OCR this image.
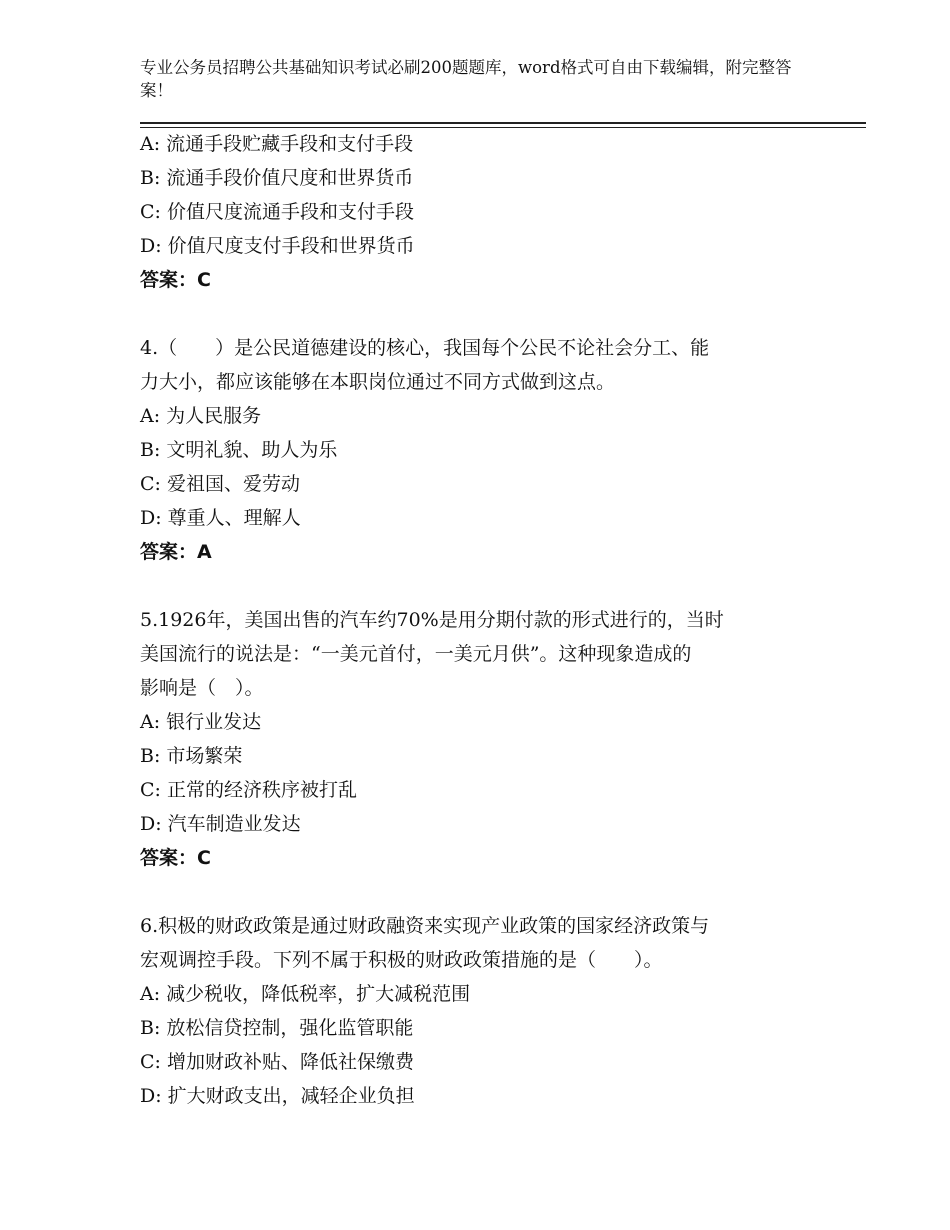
专业公务员招聘公共基础知识考试必刷200题题库，word格式可自由下载编辑，附完整答案！
A: 流通手段贮藏手段和支付手段
B: 流通手段价值尺度和世界货币
C: 价值尺度流通手段和支付手段
D: 价值尺度支付手段和世界货币
答案：C
4.（　　）是公民道德建设的核心，我国每个公民不论社会分工、能
力大小，都应该能够在本职岗位通过不同方式做到这点。
A: 为人民服务
B: 文明礼貌、助人为乐
C: 爱祖国、爱劳动
D: 尊重人、理解人
答案：A
5.1926年，美国出售的汽车约70%是用分期付款的形式进行的，当时
美国流行的说法是：“一美元首付，一美元月供”。这种现象造成的
影响是（　）。
A: 银行业发达
B: 市场繁荣
C: 正常的经济秩序被打乱
D: 汽车制造业发达
答案：C
6.积极的财政政策是通过财政融资来实现产业政策的国家经济政策与
宏观调控手段。下列不属于积极的财政政策措施的是（　　）。
A: 减少税收，降低税率，扩大减税范围
B: 放松信贷控制，强化监管职能
C: 增加财政补贴、降低社保缴费
D: 扩大财政支出，减轻企业负担
